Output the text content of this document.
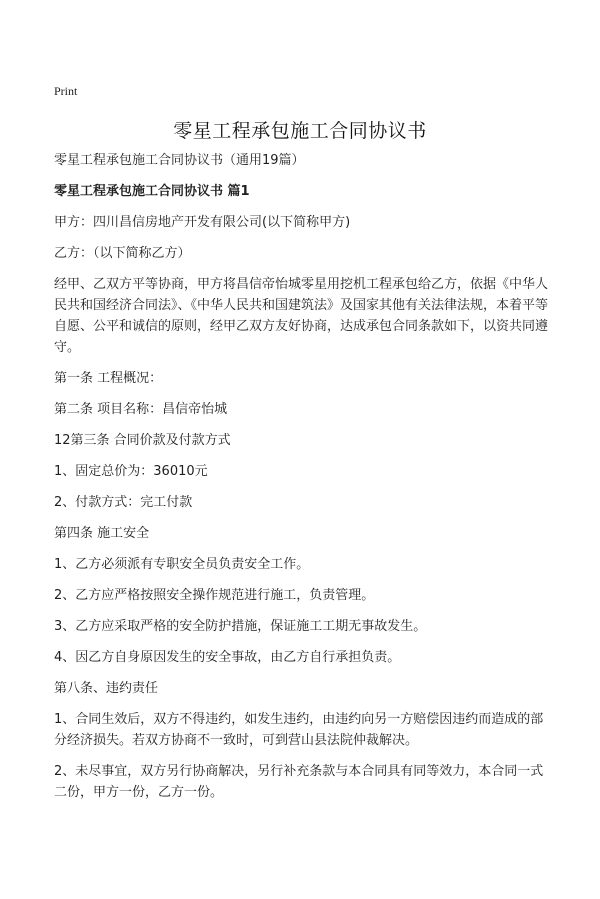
Print
零星工程承包施工合同协议书

零星工程承包施工合同协议书（通用19篇）

零星工程承包施工合同协议书 篇1

甲方：四川昌信房地产开发有限公司(以下简称甲方)

乙方：（以下简称乙方）

经甲、乙双方平等协商，甲方将昌信帝怡城零星用挖机工程承包给乙方，依据《中华人民共和国经济合同法》、《中华人民共和国建筑法》及国家其他有关法律法规，本着平等自愿、公平和诚信的原则，经甲乙双方友好协商，达成承包合同条款如下，以资共同遵守。

第一条 工程概况：

第二条 项目名称：昌信帝怡城

12第三条 合同价款及付款方式

1、固定总价为：36010元

2、付款方式：完工付款

第四条 施工安全

1、乙方必须派有专职安全员负责安全工作。

2、乙方应严格按照安全操作规范进行施工，负责管理。

3、乙方应采取严格的安全防护措施，保证施工工期无事故发生。

4、因乙方自身原因发生的安全事故，由乙方自行承担负责。

第八条、违约责任

1、合同生效后，双方不得违约，如发生违约，由违约向另一方赔偿因违约而造成的部分经济损失。若双方协商不一致时，可到营山县法院仲裁解决。

2、未尽事宜，双方另行协商解决，另行补充条款与本合同具有同等效力，本合同一式二份，甲方一份，乙方一份。
